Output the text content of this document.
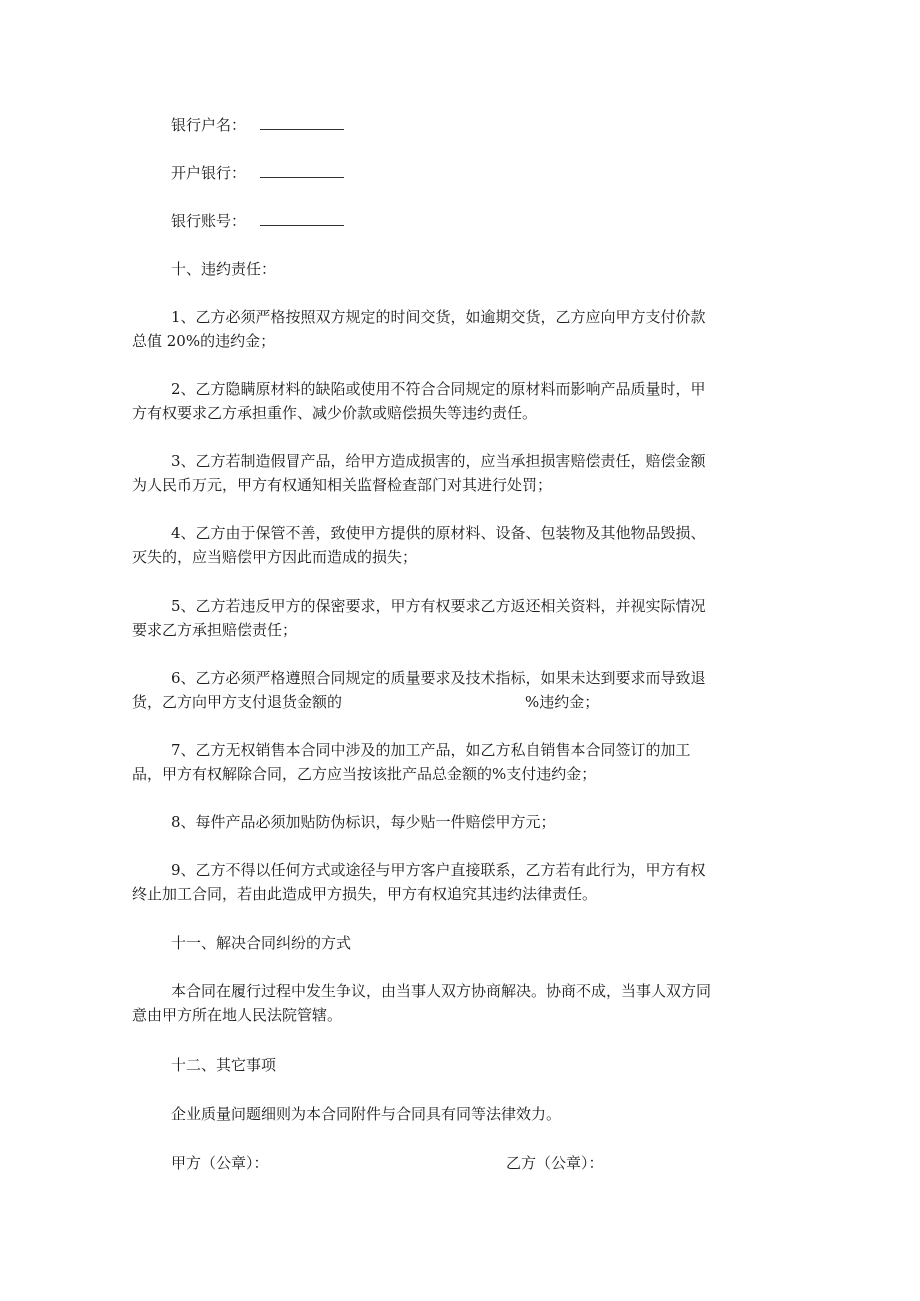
银行户名：
开户银行：
银行账号：
十、违约责任：
1、乙方必须严格按照双方规定的时间交货，如逾期交货，乙方应向甲方支付价款
总值 20%的违约金；
2、乙方隐瞒原材料的缺陷或使用不符合合同规定的原材料而影响产品质量时，甲
方有权要求乙方承担重作、减少价款或赔偿损失等违约责任。
3、乙方若制造假冒产品，给甲方造成损害的，应当承担损害赔偿责任，赔偿金额
为人民币万元，甲方有权通知相关监督检查部门对其进行处罚；
4、乙方由于保管不善，致使甲方提供的原材料、设备、包装物及其他物品毁损、
灭失的，应当赔偿甲方因此而造成的损失；
5、乙方若违反甲方的保密要求，甲方有权要求乙方返还相关资料，并视实际情况
要求乙方承担赔偿责任；
6、乙方必须严格遵照合同规定的质量要求及技术指标，如果未达到要求而导致退
货，乙方向甲方支付退货金额的	%违约金；
7、乙方无权销售本合同中涉及的加工产品，如乙方私自销售本合同签订的加工
品，甲方有权解除合同，乙方应当按该批产品总金额的%支付违约金；
8、每件产品必须加贴防伪标识，每少贴一件赔偿甲方元；
9、乙方不得以任何方式或途径与甲方客户直接联系，乙方若有此行为，甲方有权
终止加工合同，若由此造成甲方损失，甲方有权追究其违约法律责任。
十一、解决合同纠纷的方式
本合同在履行过程中发生争议，由当事人双方协商解决。协商不成，当事人双方同
意由甲方所在地人民法院管辖。
十二、其它事项
企业质量问题细则为本合同附件与合同具有同等法律效力。
甲方（公章）：	乙方（公章）：
